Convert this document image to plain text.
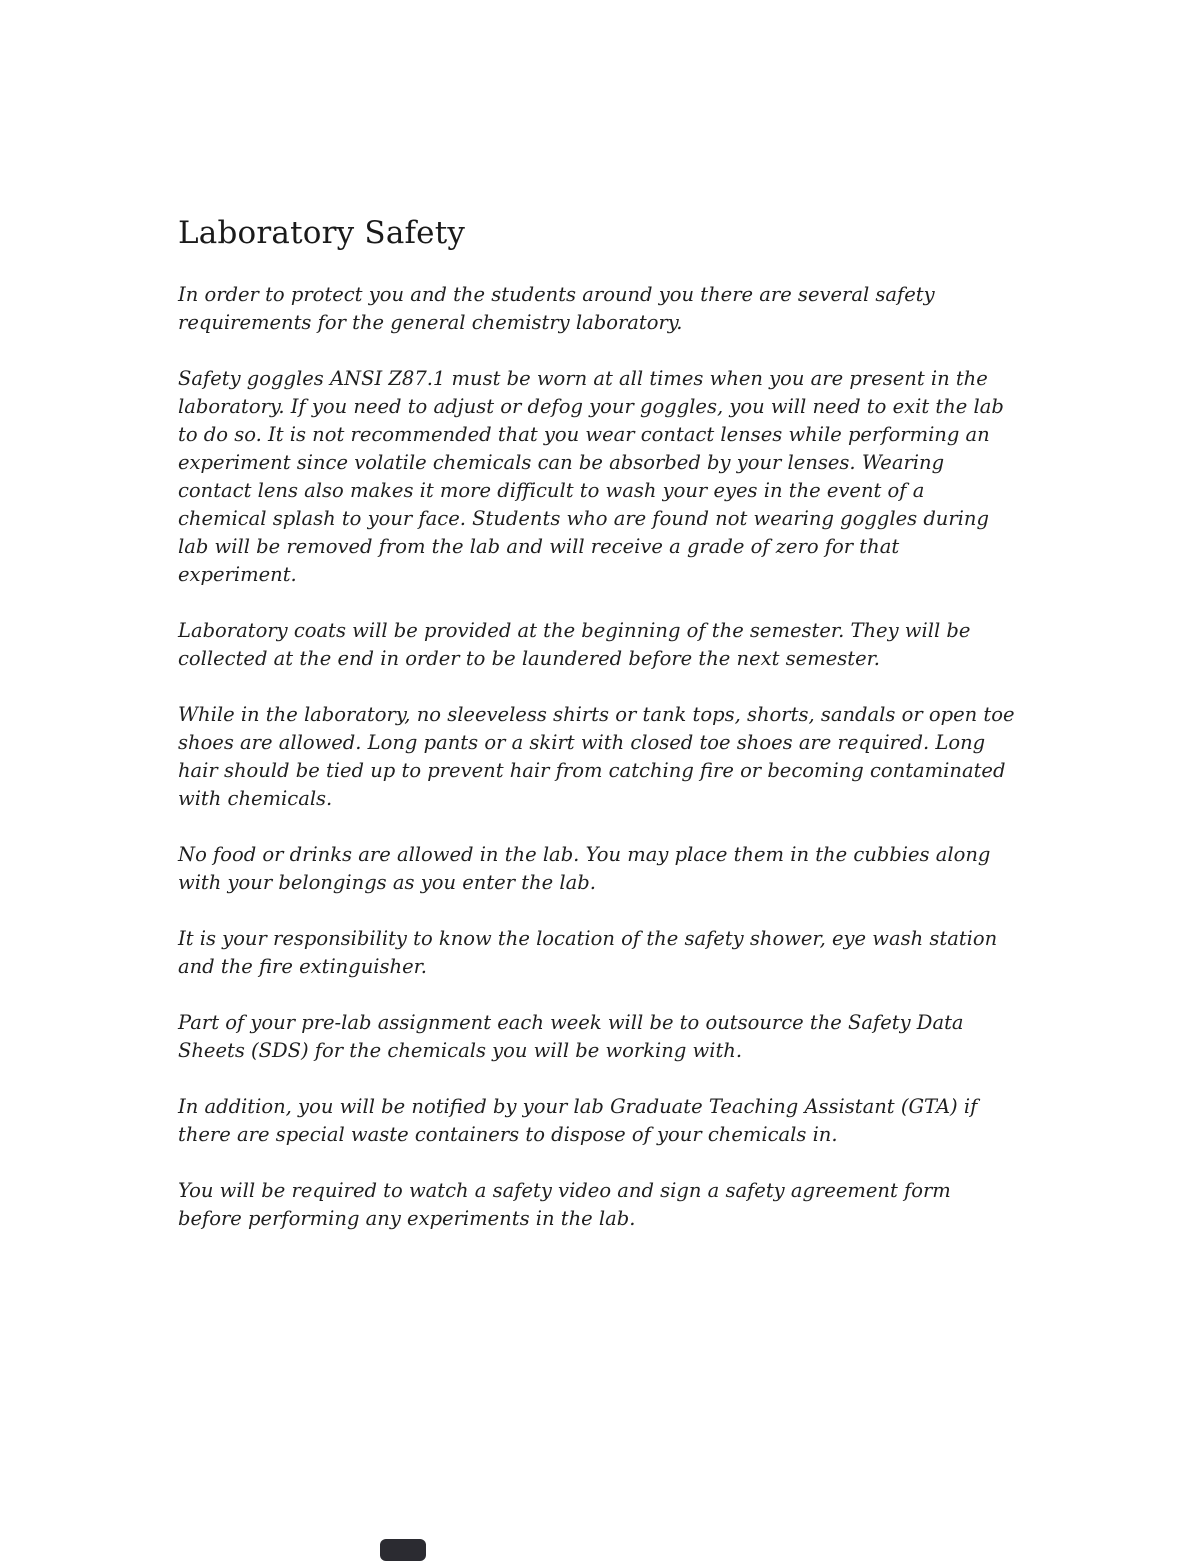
Laboratory Safety

In order to protect you and the students around you there are several safety requirements for the general chemistry laboratory.

Safety goggles ANSI Z87.1 must be worn at all times when you are present in the laboratory. If you need to adjust or defog your goggles, you will need to exit the lab to do so. It is not recommended that you wear contact lenses while performing an experiment since volatile chemicals can be absorbed by your lenses. Wearing contact lens also makes it more difficult to wash your eyes in the event of a chemical splash to your face. Students who are found not wearing goggles during lab will be removed from the lab and will receive a grade of zero for that experiment.

Laboratory coats will be provided at the beginning of the semester. They will be collected at the end in order to be laundered before the next semester.

While in the laboratory, no sleeveless shirts or tank tops, shorts, sandals or open toe shoes are allowed. Long pants or a skirt with closed toe shoes are required. Long hair should be tied up to prevent hair from catching fire or becoming contaminated with chemicals.

No food or drinks are allowed in the lab. You may place them in the cubbies along with your belongings as you enter the lab.

It is your responsibility to know the location of the safety shower, eye wash station and the fire extinguisher.

Part of your pre-lab assignment each week will be to outsource the Safety Data Sheets (SDS) for the chemicals you will be working with.

In addition, you will be notified by your lab Graduate Teaching Assistant (GTA) if there are special waste containers to dispose of your chemicals in.

You will be required to watch a safety video and sign a safety agreement form before performing any experiments in the lab.
